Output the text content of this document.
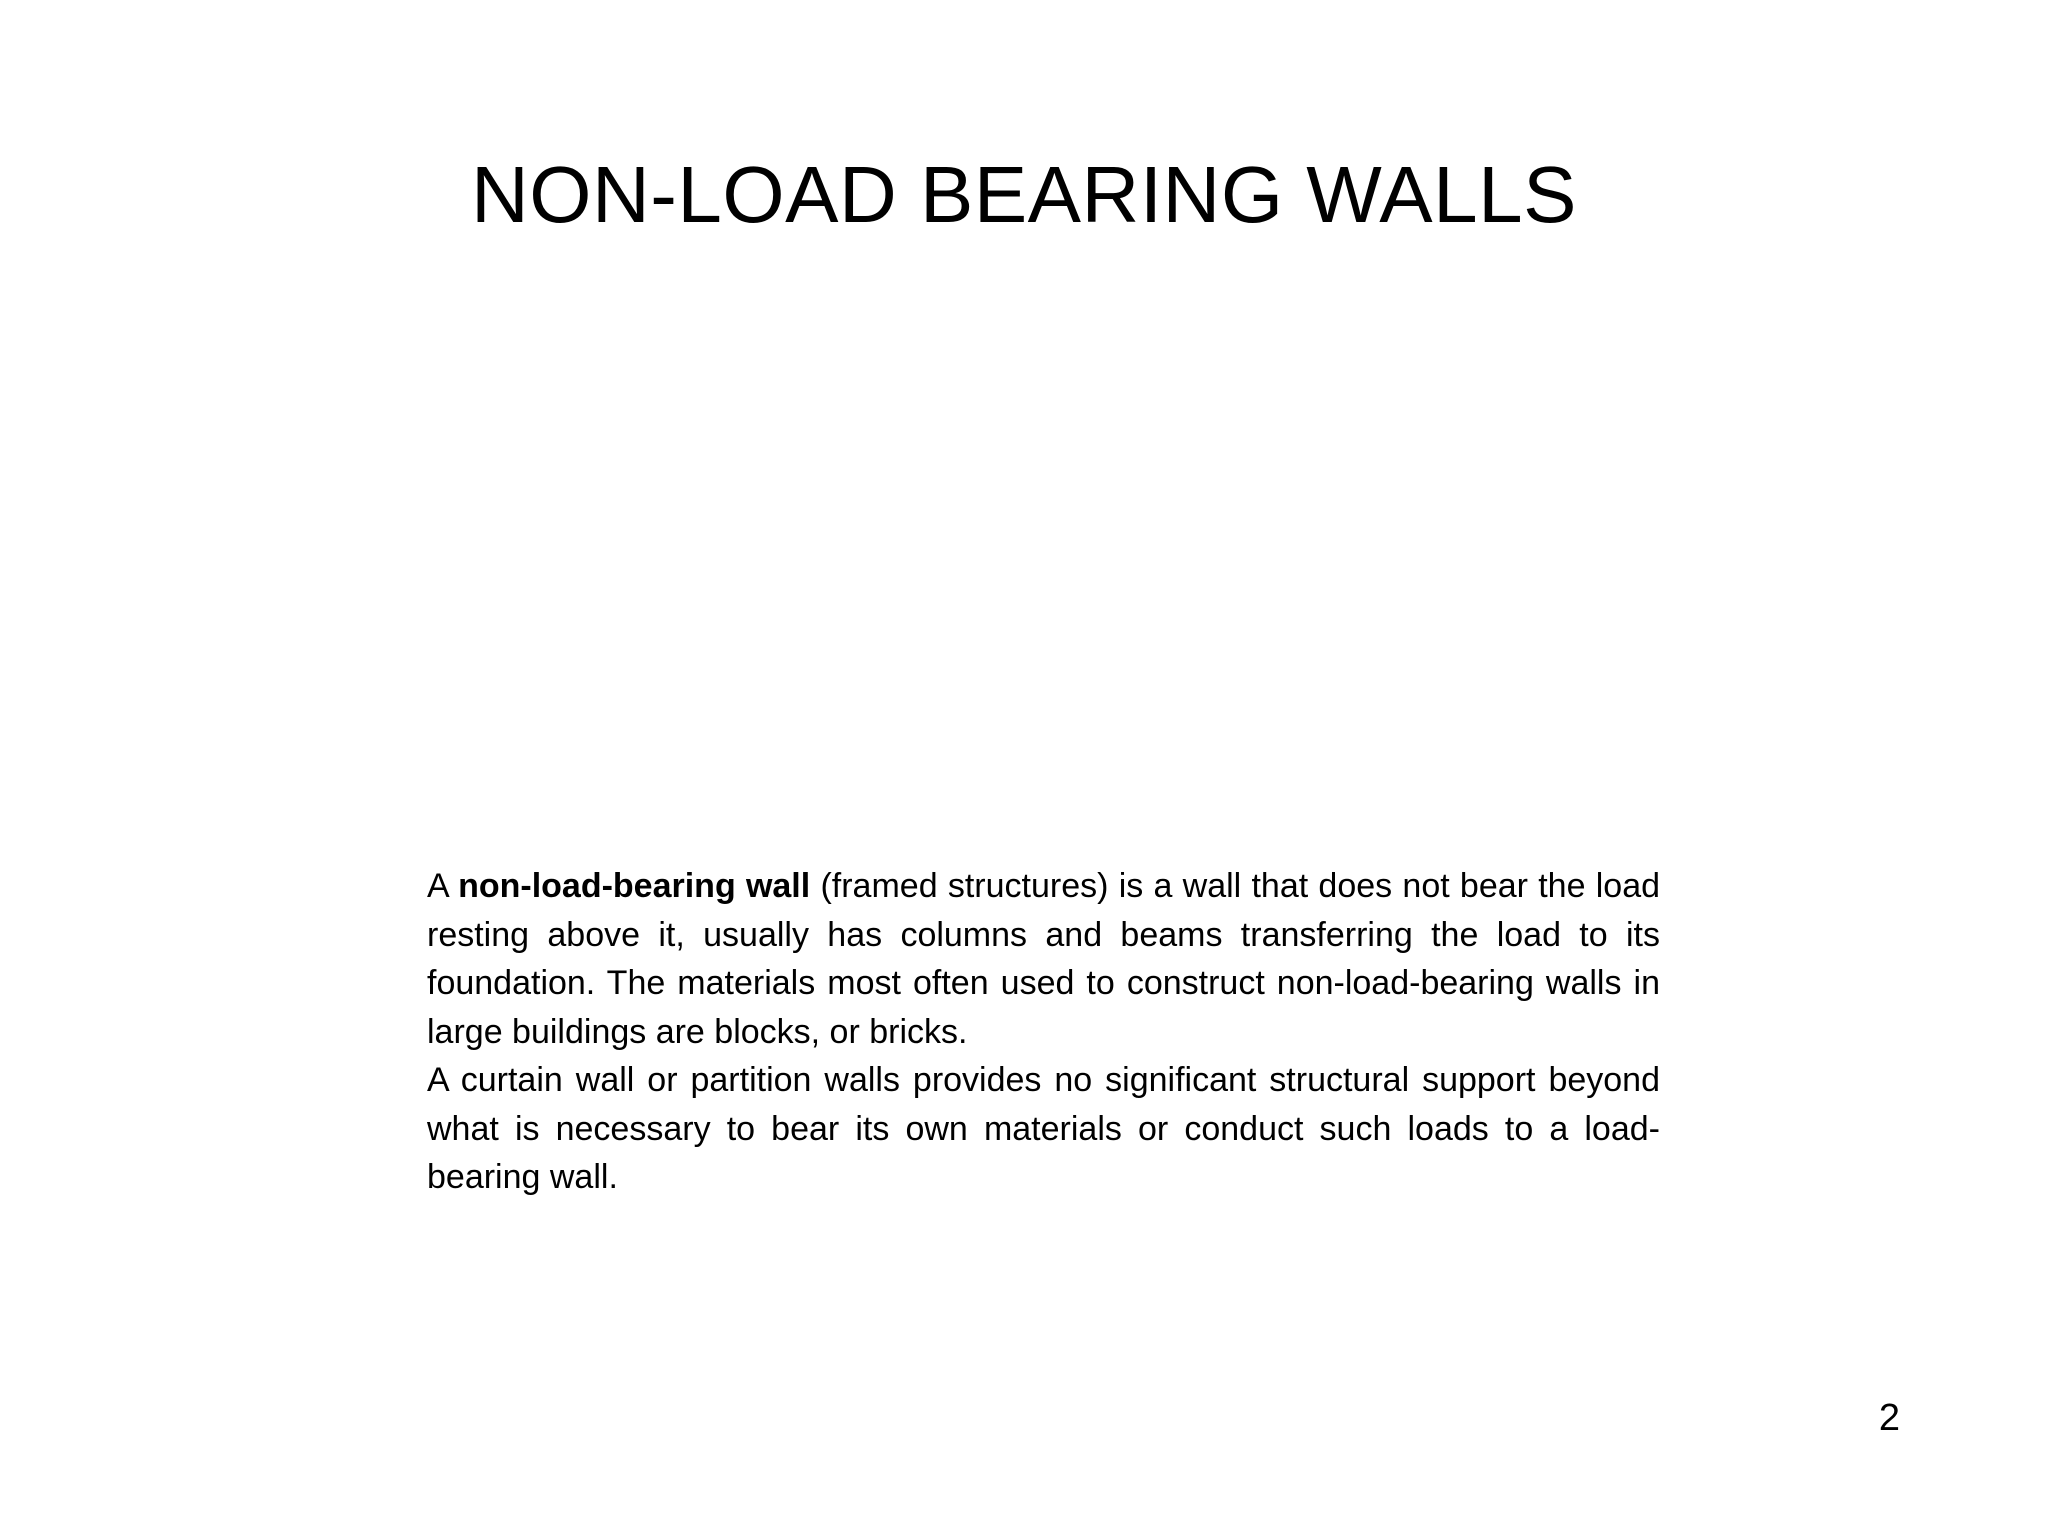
NON-LOAD BEARING WALLS

A non-load-bearing wall (framed structures) is a wall that does not bear the load resting above it, usually has columns and beams transferring the load to its foundation. The materials most often used to construct non-load-bearing walls in large buildings are blocks, or bricks.

A curtain wall or partition walls provides no significant structural support beyond what is necessary to bear its own materials or conduct such loads to a load-bearing wall.

2
